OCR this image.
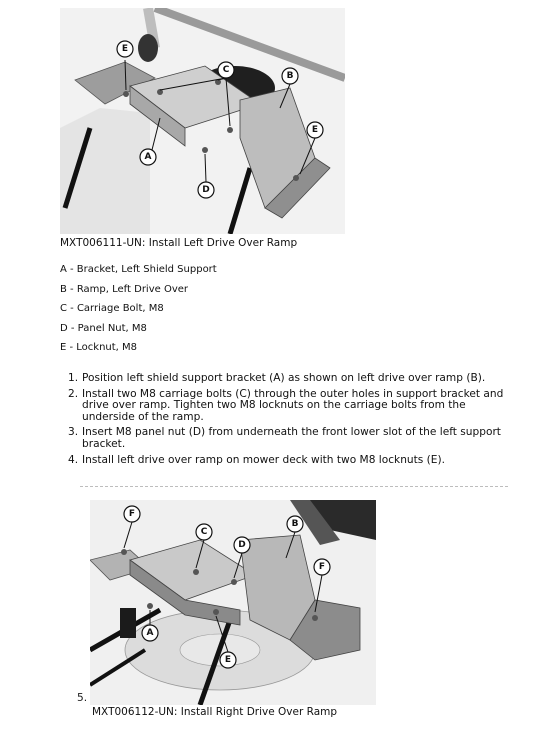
E
C
B
E
A
D
MXT006111-UN: Install Left Drive Over Ramp
A - Bracket, Left Shield Support
B - Ramp, Left Drive Over
C - Carriage Bolt, M8
D - Panel Nut, M8
E - Locknut, M8
1. Position left shield support bracket (A) as shown on left drive over ramp (B).
2. Install two M8 carriage bolts (C) through the outer holes in support bracket and drive over ramp. Tighten two M8 locknuts on the carriage bolts from the underside of the ramp.
3. Insert M8 panel nut (D) from underneath the front lower slot of the left support bracket.
4. Install left drive over ramp on mower deck with two M8 locknuts (E).
F
C
D
B
F
A
E
5.
MXT006112-UN: Install Right Drive Over Ramp
